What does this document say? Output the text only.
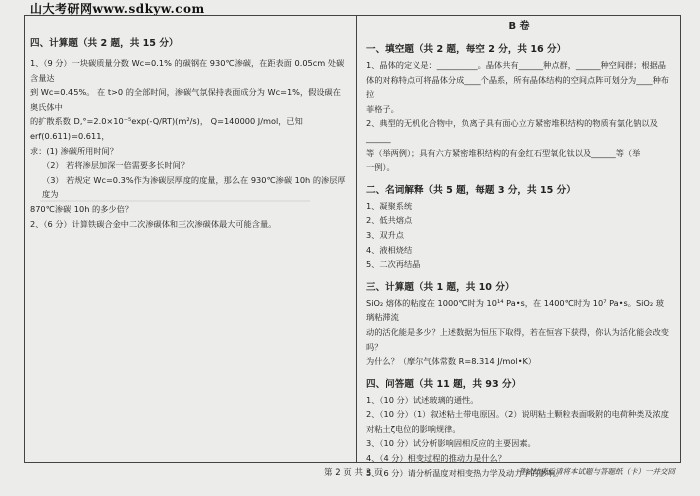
山大考研网www.sdkyw.com
四、计算题（共 2 题，共 15 分）

1、（9 分）一块碳质量分数 Wc=0.1% 的碳钢在 930℃渗碳，在距表面 0.05cm 处碳含量达

到 Wc=0.45%。 在 t>0 的全部时间，渗碳气氛保持表面成分为 Wc=1%，假设碳在奥氏体中

的扩散系数 D,°=2.0×10⁻⁵exp(-Q/RT)(m²/s)， Q=140000 J/mol，已知 erf(0.611)=0.611，

求：(1) 渗碳所用时间？

（2） 若将渗层加深一倍需要多长时间？

（3） 若规定 Wc=0.3%作为渗碳层厚度的度量，那么在 930℃渗碳 10h 的渗层厚度为

870℃渗碳 10h 的多少倍？

2、（6 分）计算铁碳合金中二次渗碳体和三次渗碳体最大可能含量。

B 卷
一、填空题（共 2 题，每空 2 分，共 16 分）

1、晶体的定义是：__________。晶体共有______种点群，______种空间群；根据晶

体的对称特点可将晶体分成____个晶系，所有晶体结构的空间点阵可划分为____种布拉

菲格子。

2、典型的无机化合物中，负离子具有面心立方紧密堆积结构的物质有氯化钠以及______

等（举两例）；具有六方紧密堆积结构的有金红石型氧化钛以及______等（举

一例）。

二、名词解释（共 5 题，每题 3 分，共 15 分）

1、凝聚系统

2、低共熔点

3、双升点

4、液相烧结

5、二次再结晶

三、计算题（共 1 题，共 10 分）

SiO₂ 熔体的粘度在 1000℃时为 10¹⁴ Pa•s，在 1400℃时为 10⁷ Pa•s。SiO₂ 玻璃粘滞流

动的活化能是多少？上述数据为恒压下取得，若在恒容下获得，你认为活化能会改变吗？

为什么？（摩尔气体常数 R=8.314 J/mol•K）

四、问答题（共 11 题，共 93 分）

1、（10 分）试述玻璃的通性。

2、（10 分）（1）叙述粘土带电原因。（2）说明粘土颗粒表面吸附的电荷种类及浓度

对粘土ζ电位的影响规律。

3、（10 分）试分析影响固相反应的主要因素。

4、（4 分）相变过程的推动力是什么？

5、（6 分）请分析温度对相变热力学及动力学的影响。

第 2 页 共 3 页	考试结束后请将本试题与答题纸（卡）一并交回
